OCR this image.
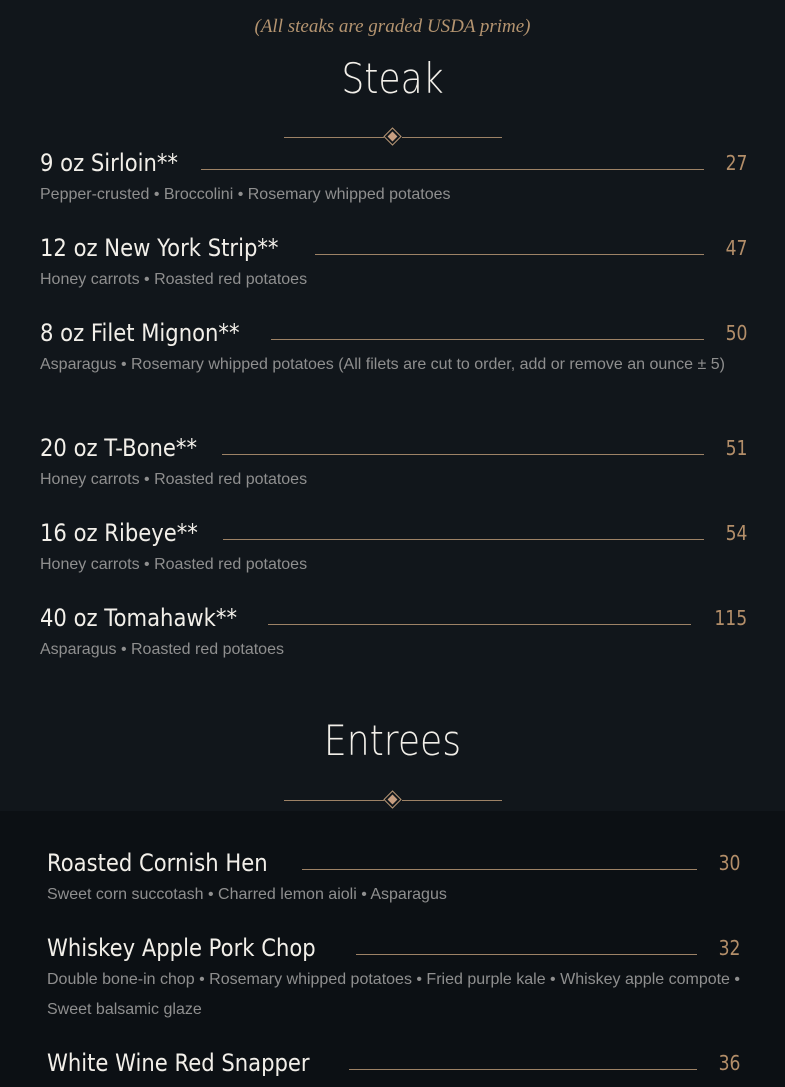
(All steaks are graded USDA prime)
Steak
9 oz Sirloin**	27
Pepper-crusted • Broccolini • Rosemary whipped potatoes
12 oz New York Strip**	47
Honey carrots • Roasted red potatoes
8 oz Filet Mignon**	50
Asparagus • Rosemary whipped potatoes (All filets are cut to order, add or remove an ounce ± 5)
20 oz T-Bone**	51
Honey carrots • Roasted red potatoes
16 oz Ribeye**	54
Honey carrots • Roasted red potatoes
40 oz Tomahawk**	115
Asparagus • Roasted red potatoes
Entrees
Roasted Cornish Hen	30
Sweet corn succotash • Charred lemon aioli • Asparagus
Whiskey Apple Pork Chop	32
Double bone-in chop • Rosemary whipped potatoes • Fried purple kale • Whiskey apple compote • Sweet balsamic glaze
White Wine Red Snapper	36
